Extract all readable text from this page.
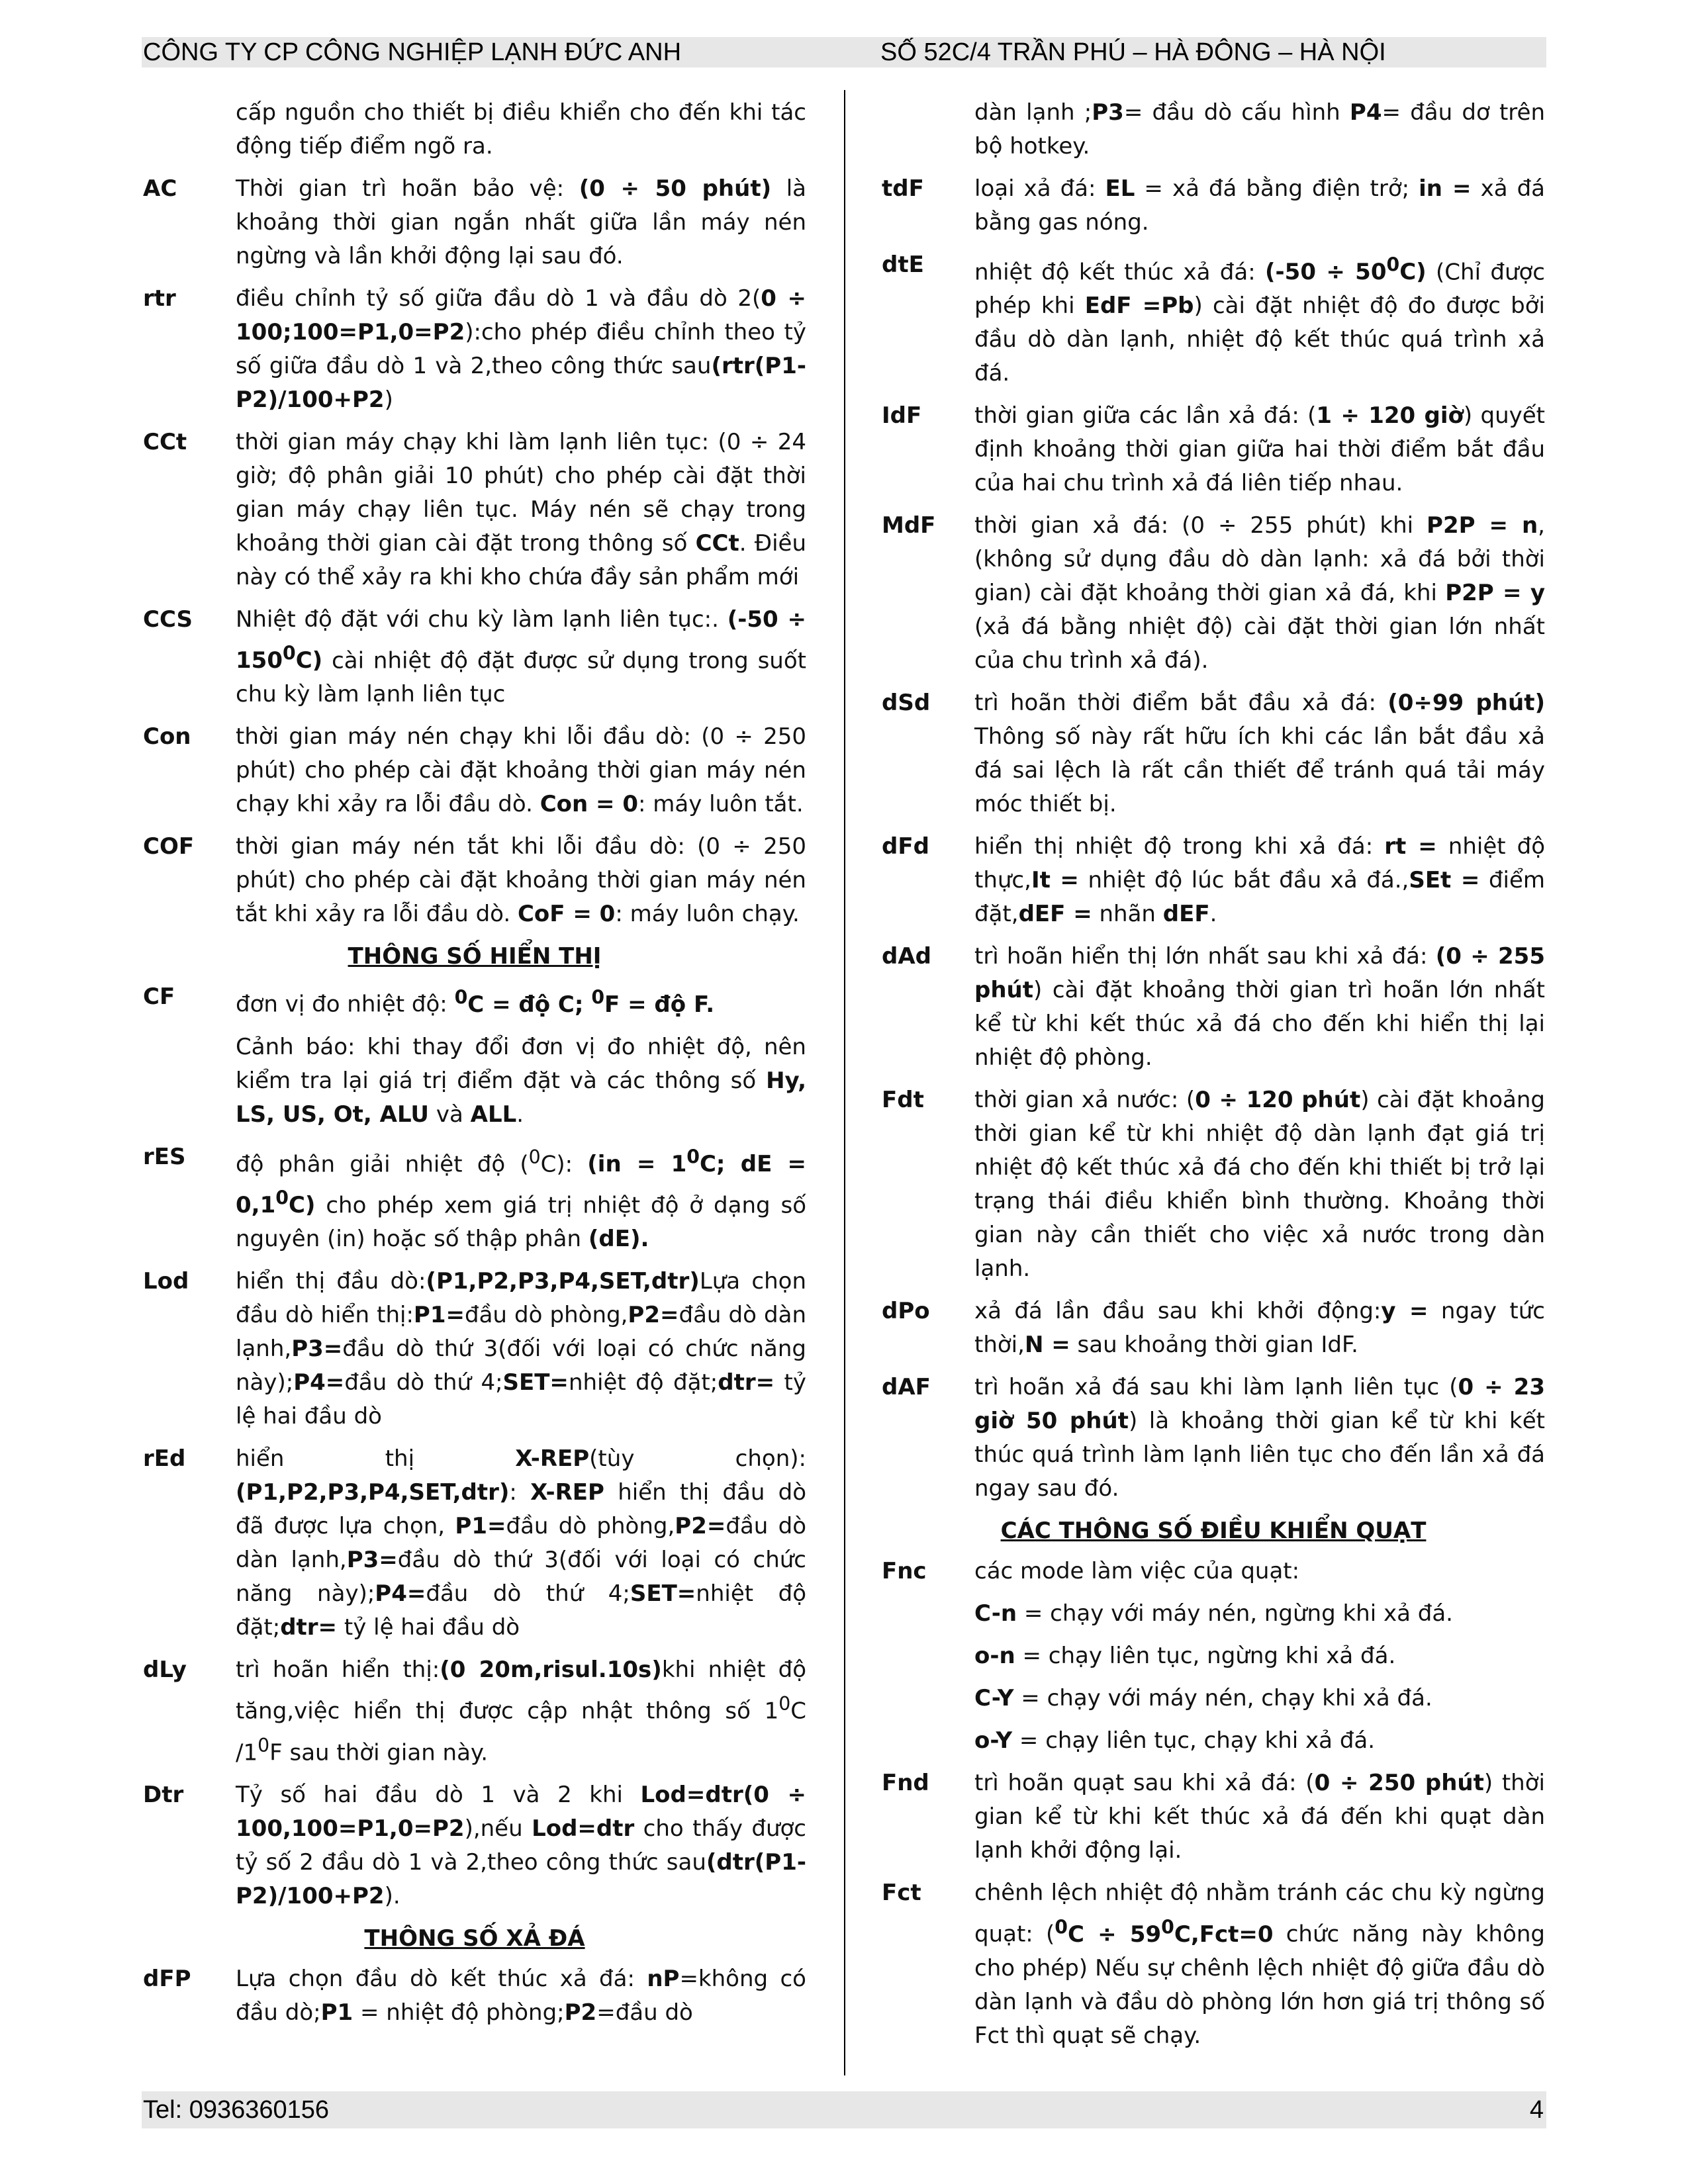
CÔNG TY CP CÔNG NGHIỆP LẠNH ĐỨC ANH	SỐ 52C/4 TRẦN PHÚ – HÀ ĐÔNG – HÀ NỘI
cấp nguồn cho thiết bị điều khiển cho đến khi tác động tiếp điểm ngõ ra.
AC	Thời gian trì hoãn bảo vệ: (0 ÷ 50 phút) là khoảng thời gian ngắn nhất giữa lần máy nén ngừng và lần khởi động lại sau đó.
rtr	điều chỉnh tỷ số giữa đầu dò 1 và đầu dò 2(0 ÷ 100;100=P1,0=P2):cho phép điều chỉnh theo tỷ số giữa đầu dò 1 và 2,theo công thức sau(rtr(P1-P2)/100+P2)
CCt thời gian máy chạy khi làm lạnh liên tục: (0 ÷ 24 giờ; độ phân giải 10 phút) cho phép cài đặt thời gian máy chạy liên tục. Máy nén sẽ chạy trong khoảng thời gian cài đặt trong thông số CCt. Điều này có thể xảy ra khi kho chứa đầy sản phẩm mới
CCS Nhiệt độ đặt với chu kỳ làm lạnh liên tục:. $(-50 \div 150^0C)$ cài nhiệt độ đặt được sử dụng trong suốt chu kỳ làm lạnh liên tục
Con thời gian máy nén chạy khi lỗi đầu dò: (0 ÷ 250 phút) cho phép cài đặt khoảng thời gian máy nén chạy khi xảy ra lỗi đầu dò. Con = 0: máy luôn tắt.
COF thời gian máy nén tắt khi lỗi đầu dò: (0 ÷ 250 phút) cho phép cài đặt khoảng thời gian máy nén tắt khi xảy ra lỗi đầu dò. CoF = 0: máy luôn chạy.
THÔNG SỐ HIỂN THỊ
CF	đơn vị đo nhiệt độ: $^0$C = độ C; $^0$F = độ F.
Cảnh báo: khi thay đổi đơn vị đo nhiệt độ, nên kiểm tra lại giá trị điểm đặt và các thông số Hy, LS, US, Ot, ALU và ALL.
rES độ phân giải nhiệt độ ($^0$C): ($in = 1^0C$; dE = $0,1^0C$) cho phép xem giá trị nhiệt độ ở dạng số nguyên (in) hoặc số thập phân (dE).
Lod hiển thị đầu dò:(P1,P2,P3,P4,SET,dtr)Lựa chọn đầu dò hiển thị:P1=đầu dò phòng,P2=đầu dò dàn lạnh,P3=đầu dò thứ 3(đối với loại có chức năng này);P4=đầu dò thứ 4;SET=nhiệt độ đặt;dtr= tỷ lệ hai đầu dò
rEd hiển thị X-REP(tùy chọn):(P1,P2,P3,P4,SET,dtr): X-REP hiển thị đầu dò đã được lựa chọn, P1=đầu dò phòng,P2=đầu dò dàn lạnh,P3=đầu dò thứ 3(đối với loại có chức năng này);P4=đầu dò thứ 4;SET=nhiệt độ đặt;dtr= tỷ lệ hai đầu dò
dLy trì hoãn hiển thị:(0 20m,risul.10s)khi nhiệt độ tăng,việc hiển thị được cập nhật thông số $1^0C$ $/1^0F$ sau thời gian này.
Dtr Tỷ số hai đầu dò 1 và 2 khi Lod=dtr(0 ÷ 100,100=P1,0=P2),nếu Lod=dtr cho thấy được tỷ số 2 đầu dò 1 và 2,theo công thức sau(dtr(P1-P2)/100+P2).
THÔNG SỐ XẢ ĐÁ
dFP Lựa chọn đầu dò kết thúc xả đá: nP=không có đầu dò;P1 = nhiệt độ phòng;P2=đầu dò
dàn lạnh ;P3= đầu dò cấu hình P4= đầu dơ trên bộ hotkey.
tdF loại xả đá: EL = xả đá bằng điện trở; in = xả đá bằng gas nóng.
dtE nhiệt độ kết thúc xả đá: $(-50 \div 50^0C)$ (Chỉ được phép khi EdF =Pb) cài đặt nhiệt độ đo được bởi đầu dò dàn lạnh, nhiệt độ kết thúc quá trình xả đá.
IdF thời gian giữa các lần xả đá: (1 ÷ 120 giờ) quyết định khoảng thời gian giữa hai thời điểm bắt đầu của hai chu trình xả đá liên tiếp nhau.
MdF thời gian xả đá: (0 ÷ 255 phút) khi P2P = n, (không sử dụng đầu dò dàn lạnh: xả đá bởi thời gian) cài đặt khoảng thời gian xả đá, khi P2P = y (xả đá bằng nhiệt độ) cài đặt thời gian lớn nhất của chu trình xả đá).
dSd trì hoãn thời điểm bắt đầu xả đá: (0÷99 phút) Thông số này rất hữu ích khi các lần bắt đầu xả đá sai lệch là rất cần thiết để tránh quá tải máy móc thiết bị.
dFd hiển thị nhiệt độ trong khi xả đá: rt = nhiệt độ thực,It = nhiệt độ lúc bắt đầu xả đá.,SEt = điểm đặt,dEF = nhãn dEF.
dAd trì hoãn hiển thị lớn nhất sau khi xả đá: (0 ÷ 255 phút) cài đặt khoảng thời gian trì hoãn lớn nhất kể từ khi kết thúc xả đá cho đến khi hiển thị lại nhiệt độ phòng.
Fdt thời gian xả nước: (0 ÷ 120 phút) cài đặt khoảng thời gian kể từ khi nhiệt độ dàn lạnh đạt giá trị nhiệt độ kết thúc xả đá cho đến khi thiết bị trở lại trạng thái điều khiển bình thường. Khoảng thời gian này cần thiết cho việc xả nước trong dàn lạnh.
dPo xả đá lần đầu sau khi khởi động:y = ngay tức thời,N = sau khoảng thời gian IdF.
dAF trì hoãn xả đá sau khi làm lạnh liên tục (0 ÷ 23 giờ 50 phút) là khoảng thời gian kể từ khi kết thúc quá trình làm lạnh liên tục cho đến lần xả đá ngay sau đó.
CÁC THÔNG SỐ ĐIỀU KHIỂN QUẠT
Fnc các mode làm việc của quạt:
C-n = chạy với máy nén, ngừng khi xả đá.
o-n = chạy liên tục, ngừng khi xả đá.
C-Y = chạy với máy nén, chạy khi xả đá.
o-Y = chạy liên tục, chạy khi xả đá.
Fnd trì hoãn quạt sau khi xả đá: (0 ÷ 250 phút) thời gian kể từ khi kết thúc xả đá đến khi quạt dàn lạnh khởi động lại.
Fct chênh lệch nhiệt độ nhằm tránh các chu kỳ ngừng quạt: ($^0C \div 59^0C,Fct=0$ chức năng này không cho phép) Nếu sự chênh lệch nhiệt độ giữa đầu dò dàn lạnh và đầu dò phòng lớn hơn giá trị thông số Fct thì quạt sẽ chạy.
Tel: 0936360156	4
